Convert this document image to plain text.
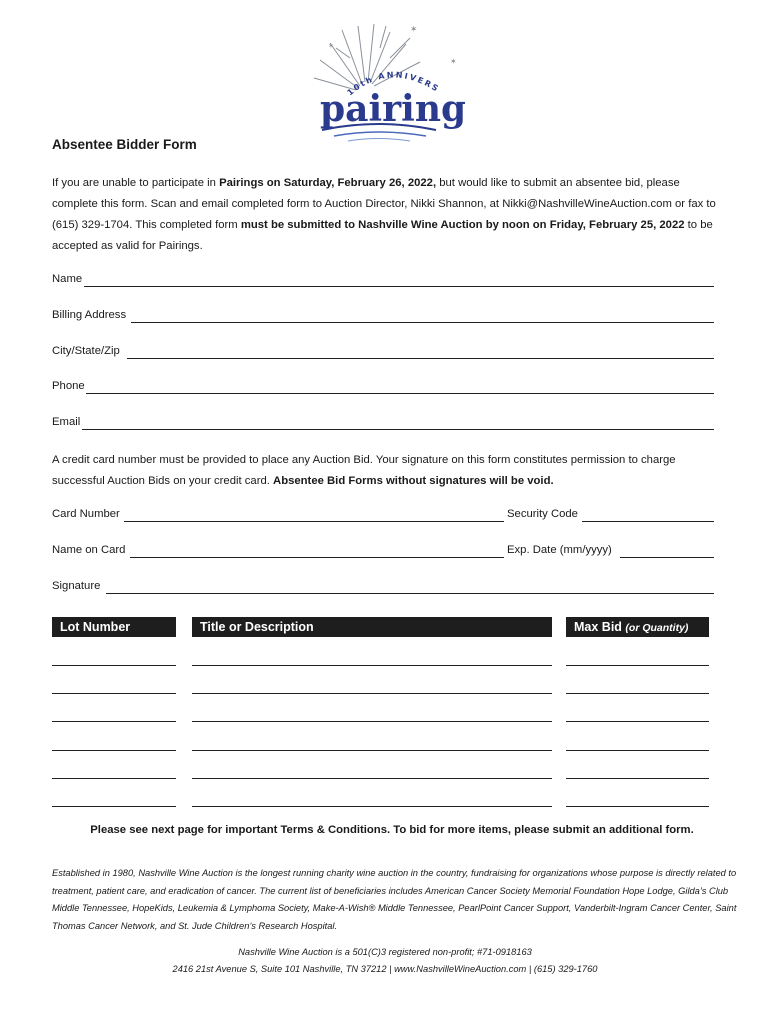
✶
✶
✶
10th ANNIVERS
pairing
Absentee Bidder Form
If you are unable to participate in Pairings on Saturday, February 26, 2022, but would like to submit an absentee bid, please complete this form. Scan and email completed form to Auction Director, Nikki Shannon, at Nikki@NashvilleWineAuction.com or fax to (615) 329-1704. This completed form must be submitted to Nashville Wine Auction by noon on Friday, February 25, 2022 to be accepted as valid for Pairings.
Name
Billing Address
City/State/Zip
Phone
Email
A credit card number must be provided to place any Auction Bid. Your signature on this form constitutes permission to charge successful Auction Bids on your credit card. Absentee Bid Forms without signatures will be void.
Card Number	Security Code
Name on Card	Exp. Date (mm/yyyy)
Signature
Lot Number	Title or Description	Max Bid (or Quantity)
Please see next page for important Terms & Conditions. To bid for more items, please submit an additional form.
Established in 1980, Nashville Wine Auction is the longest running charity wine auction in the country, fundraising for organizations whose purpose is directly related to treatment, patient care, and eradication of cancer. The current list of beneficiaries includes American Cancer Society Memorial Foundation Hope Lodge, Gilda’s Club Middle Tennessee, HopeKids, Leukemia & Lymphoma Society, Make-A-Wish® Middle Tennessee, PearlPoint Cancer Support, Vanderbilt-Ingram Cancer Center, Saint Thomas Cancer Network, and St. Jude Children’s Research Hospital.
Nashville Wine Auction is a 501(C)3 registered non-profit; #71-0918163
2416 21st Avenue S, Suite 101 Nashville, TN 37212 | www.NashvilleWineAuction.com | (615) 329-1760
